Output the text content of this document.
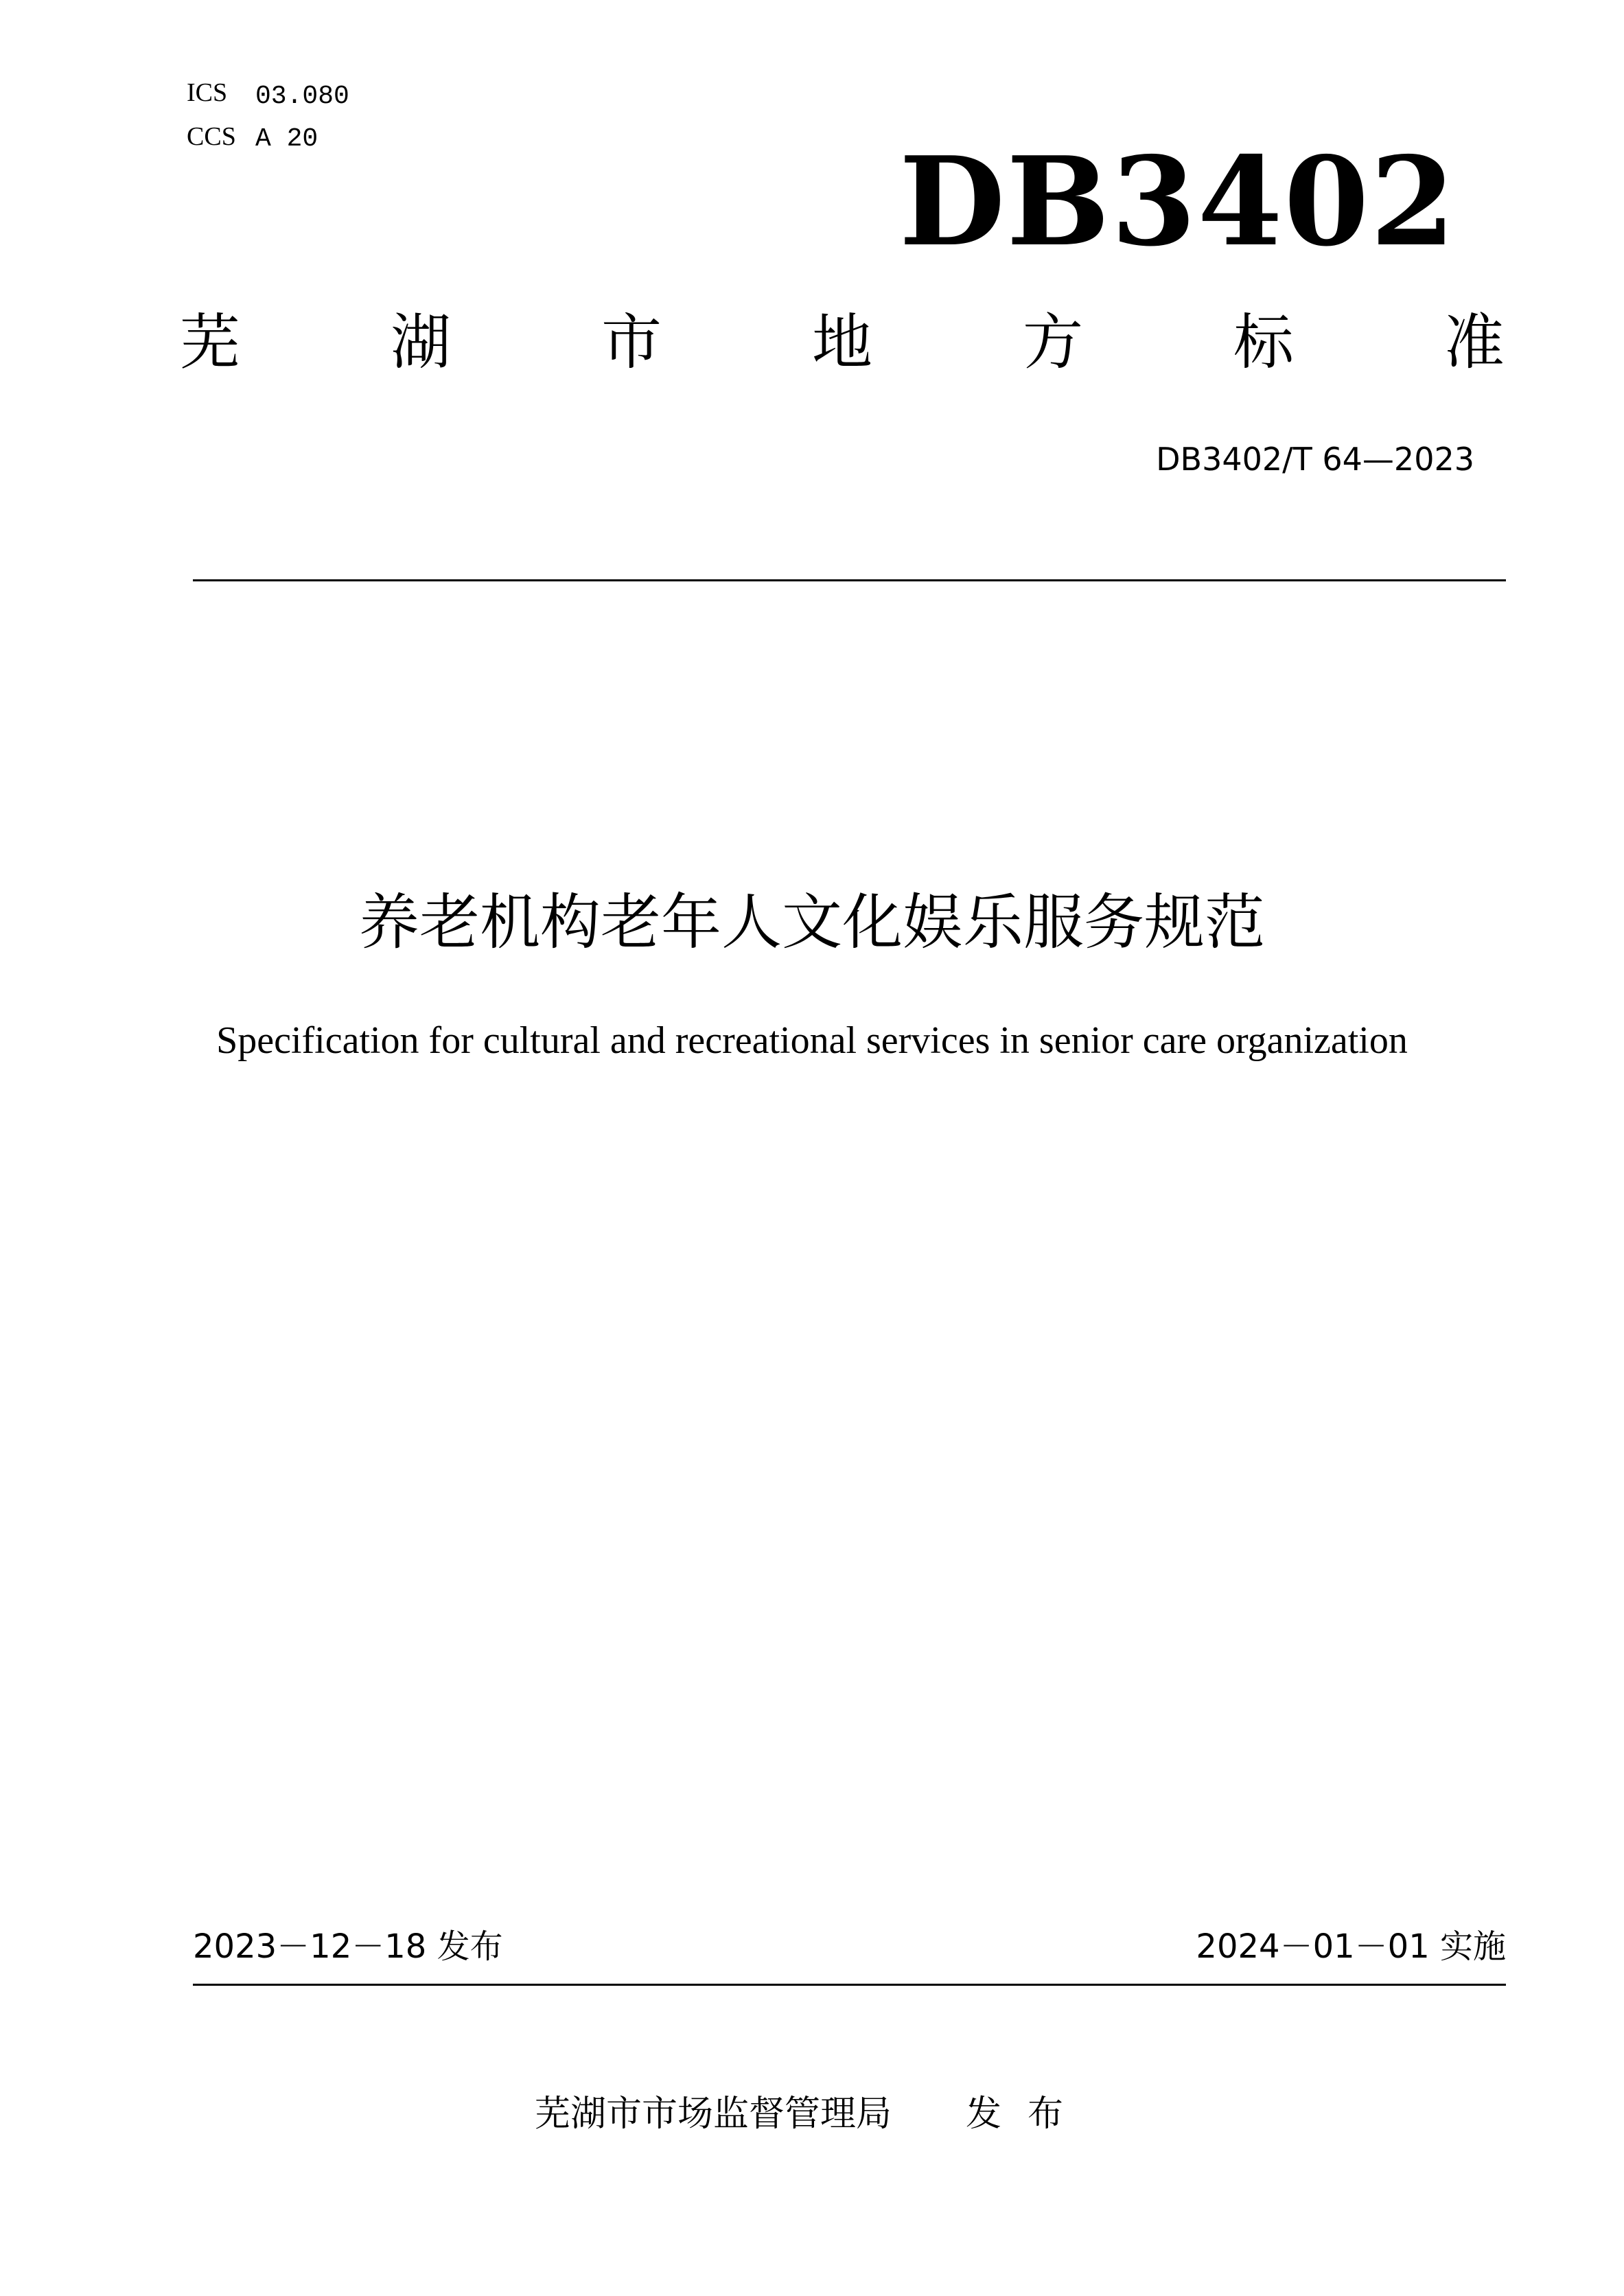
ICS 03.080
CCS A 20	DB3402
芜 湖 市 地 方 标 准
DB3402/T 64—2023
养老机构老年人文化娱乐服务规范
Specification for cultural and recreational services in senior care organization
2023－12－18 发布	2024－01－01 实施
芜湖市市场监督管理局 发布
